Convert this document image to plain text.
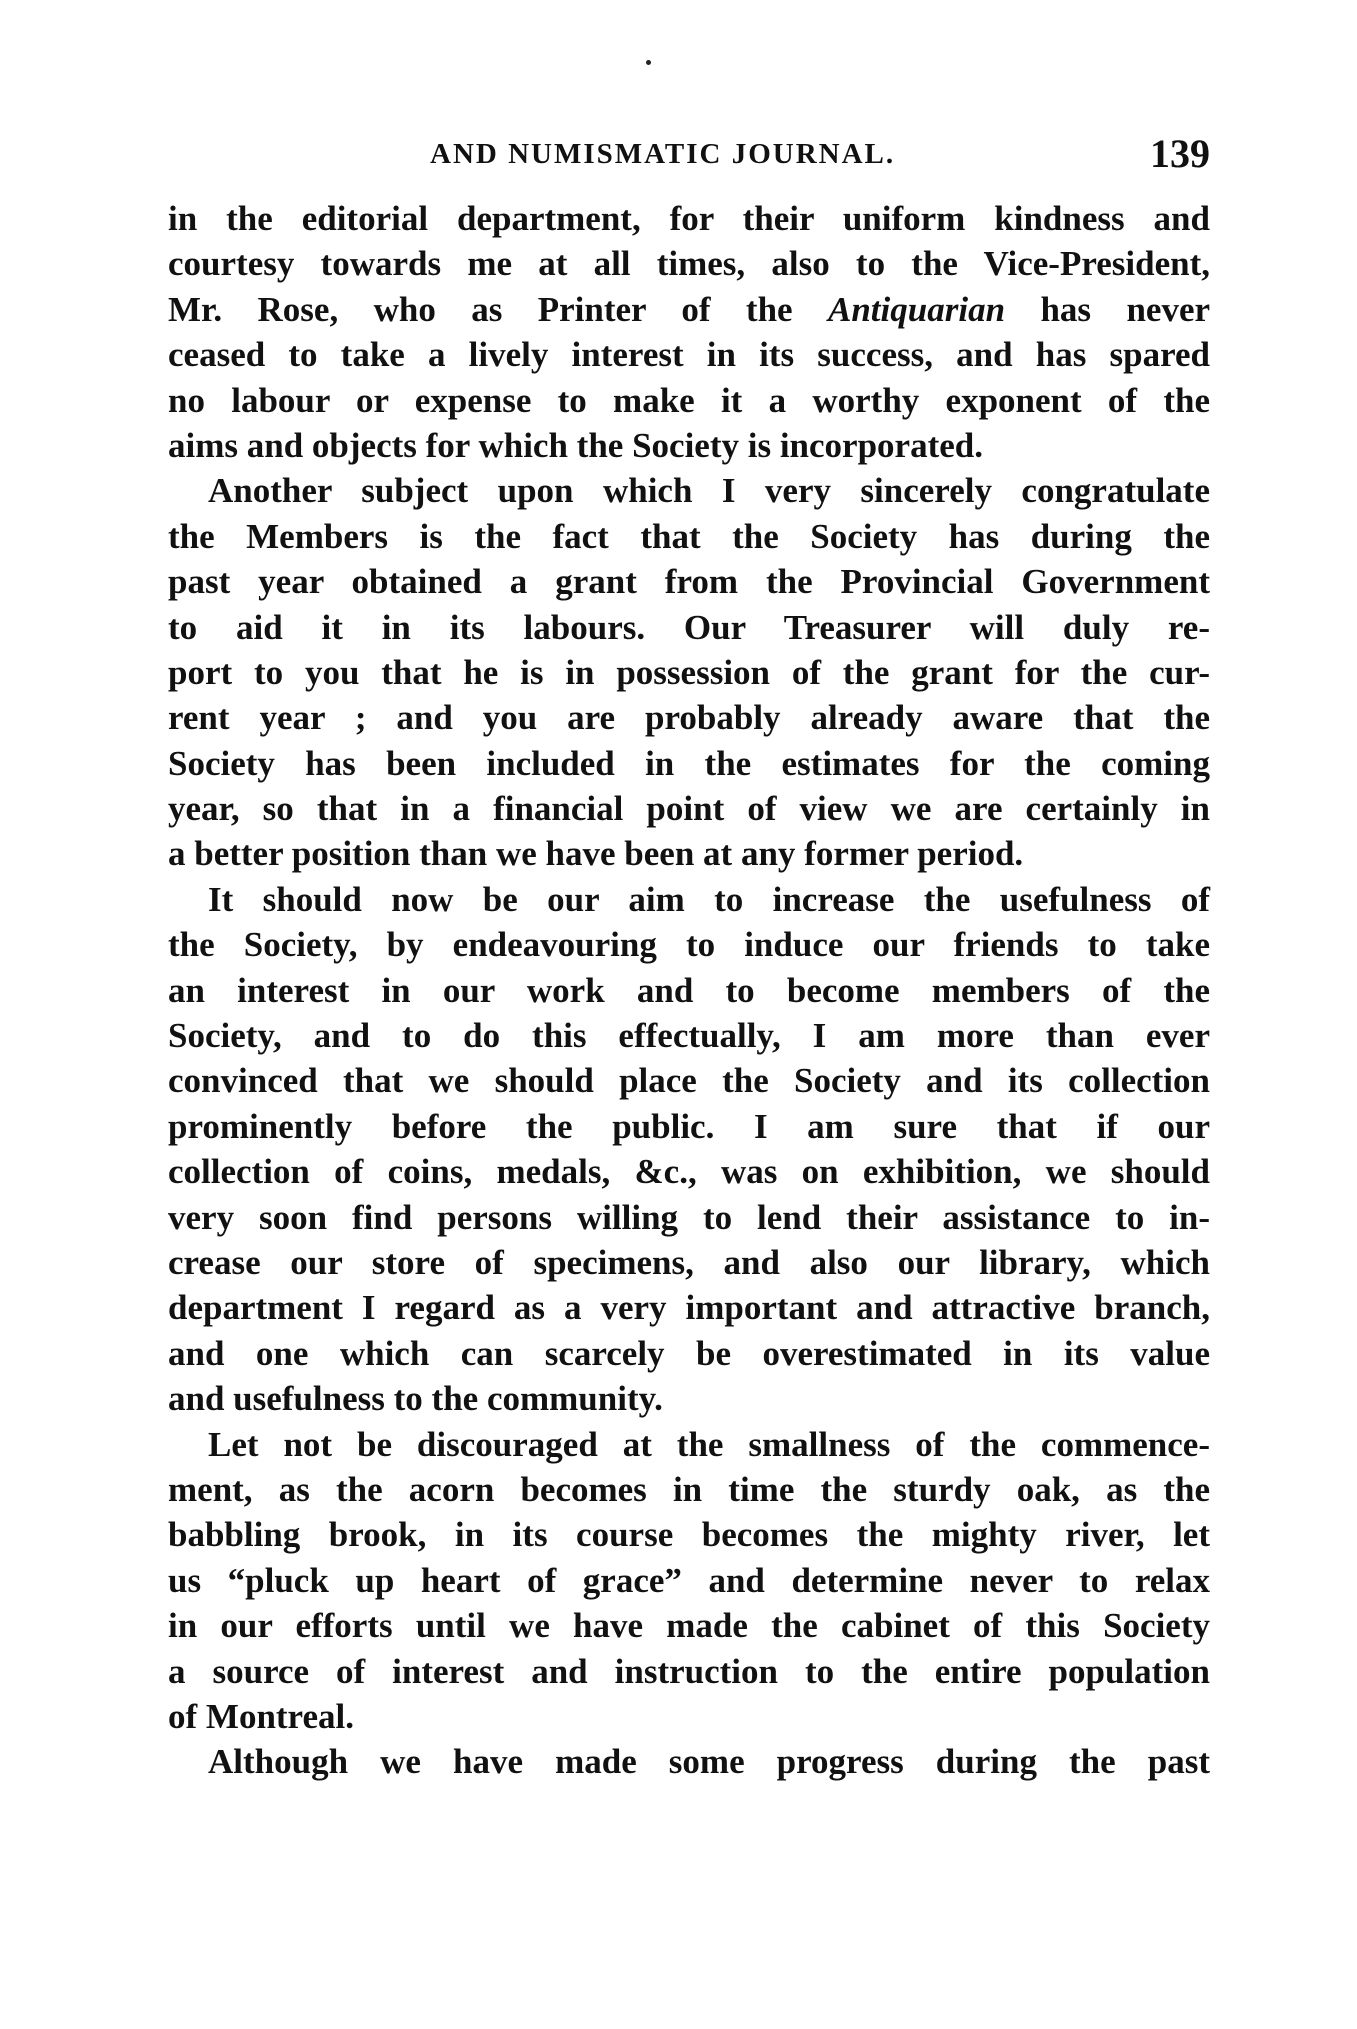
AND NUMISMATIC JOURNAL.	139
in the editorial department, for their uniform kindness and
courtesy towards me at all times, also to the Vice-President,
Mr. Rose, who as Printer of the Antiquarian has never
ceased to take a lively interest in its success, and has spared
no labour or expense to make it a worthy exponent of the
aims and objects for which the Society is incorporated.
Another subject upon which I very sincerely congratulate
the Members is the fact that the Society has during the
past year obtained a grant from the Provincial Government
to aid it in its labours. Our Treasurer will duly re-
port to you that he is in possession of the grant for the cur-
rent year ; and you are probably already aware that the
Society has been included in the estimates for the coming
year, so that in a financial point of view we are certainly in
a better position than we have been at any former period.
It should now be our aim to increase the usefulness of
the Society, by endeavouring to induce our friends to take
an interest in our work and to become members of the
Society, and to do this effectually, I am more than ever
convinced that we should place the Society and its collection
prominently before the public. I am sure that if our
collection of coins, medals, &c., was on exhibition, we should
very soon find persons willing to lend their assistance to in-
crease our store of specimens, and also our library, which
department I regard as a very important and attractive branch,
and one which can scarcely be overestimated in its value
and usefulness to the community.
Let not be discouraged at the smallness of the commence-
ment, as the acorn becomes in time the sturdy oak, as the
babbling brook, in its course becomes the mighty river, let
us “pluck up heart of grace” and determine never to relax
in our efforts until we have made the cabinet of this Society
a source of interest and instruction to the entire population
of Montreal.
Although we have made some progress during the past
